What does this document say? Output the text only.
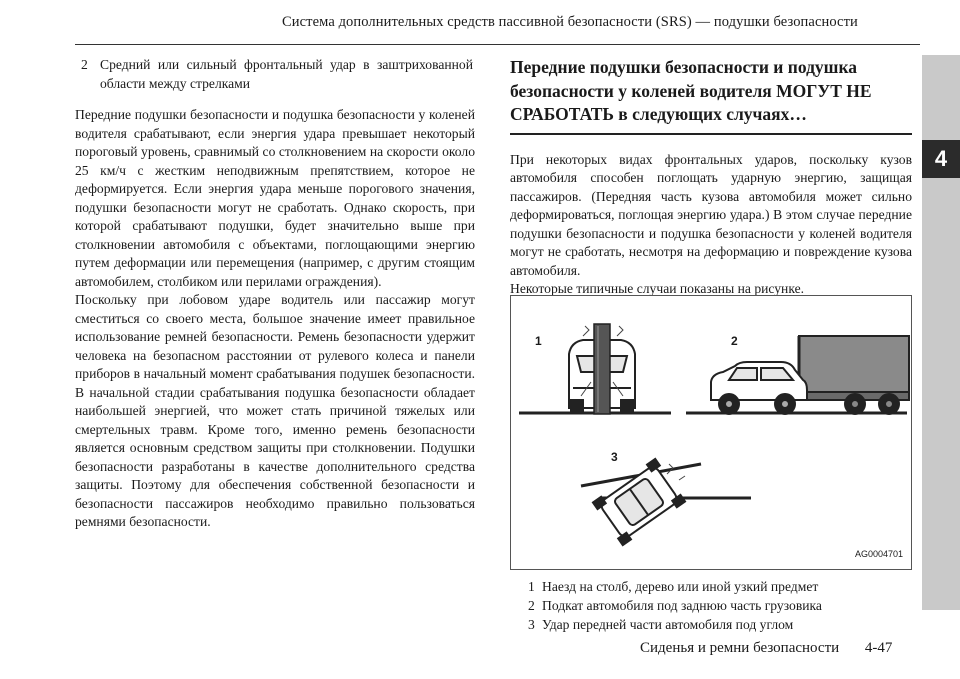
Система дополнительных средств пассивной безопасности (SRS) — подушки безопасности
4
2 Средний или сильный фронтальный удар в заштрихованной области между стрелками

Передние подушки безопасности и подушка безопасности у коленей водителя срабатывают, если энергия удара превышает некоторый пороговый уровень, сравнимый со столкновением на скорости около 25 км/ч с жестким неподвижным препятствием, которое не деформируется. Если энергия удара меньше порогового значения, подушки безопасности могут не сработать. Однако скорость, при которой срабатывают подушки, будет значительно выше при столкновении автомобиля с объектами, поглощающими энергию путем деформации или перемещения (например, с другим стоящим автомобилем, столбиком или перилами ограждения).

Поскольку при лобовом ударе водитель или пассажир могут сместиться со своего места, большое значение имеет правильное использование ремней безопасности. Ремень безопасности удержит человека на безопасном расстоянии от рулевого колеса и панели приборов в начальный момент срабатывания подушек безопасности. В начальной стадии срабатывания подушка безопасности обладает наибольшей энергией, что может стать причиной тяжелых или смертельных травм. Кроме того, именно ремень безопасности является основным средством защиты при столкновении. Подушки безопасности разработаны в качестве дополнительного средства защиты. Поэтому для обеспечения собственной безопасности и безопасности пассажиров необходимо правильно пользоваться ремнями безопасности.

Передние подушки безопасности и подушка безопасности у коленей водителя МОГУТ НЕ СРАБОТАТЬ в следующих случаях…

При некоторых видах фронтальных ударов, поскольку кузов автомобиля способен поглощать ударную энергию, защищая пассажиров. (Передняя часть кузова автомобиля может сильно деформироваться, поглощая энергию удара.) В этом случае передние подушки безопасности и подушка безопасности у коленей водителя могут не сработать, несмотря на деформацию и повреждение кузова автомобиля.

Некоторые типичные случаи показаны на рисунке.

1	2
3
AG0004701
1 Наезд на столб, дерево или иной узкий предмет
2 Подкат автомобиля под заднюю часть грузовика
3 Удар передней части автомобиля под углом
Сиденья и ремни безопасности 4-47
